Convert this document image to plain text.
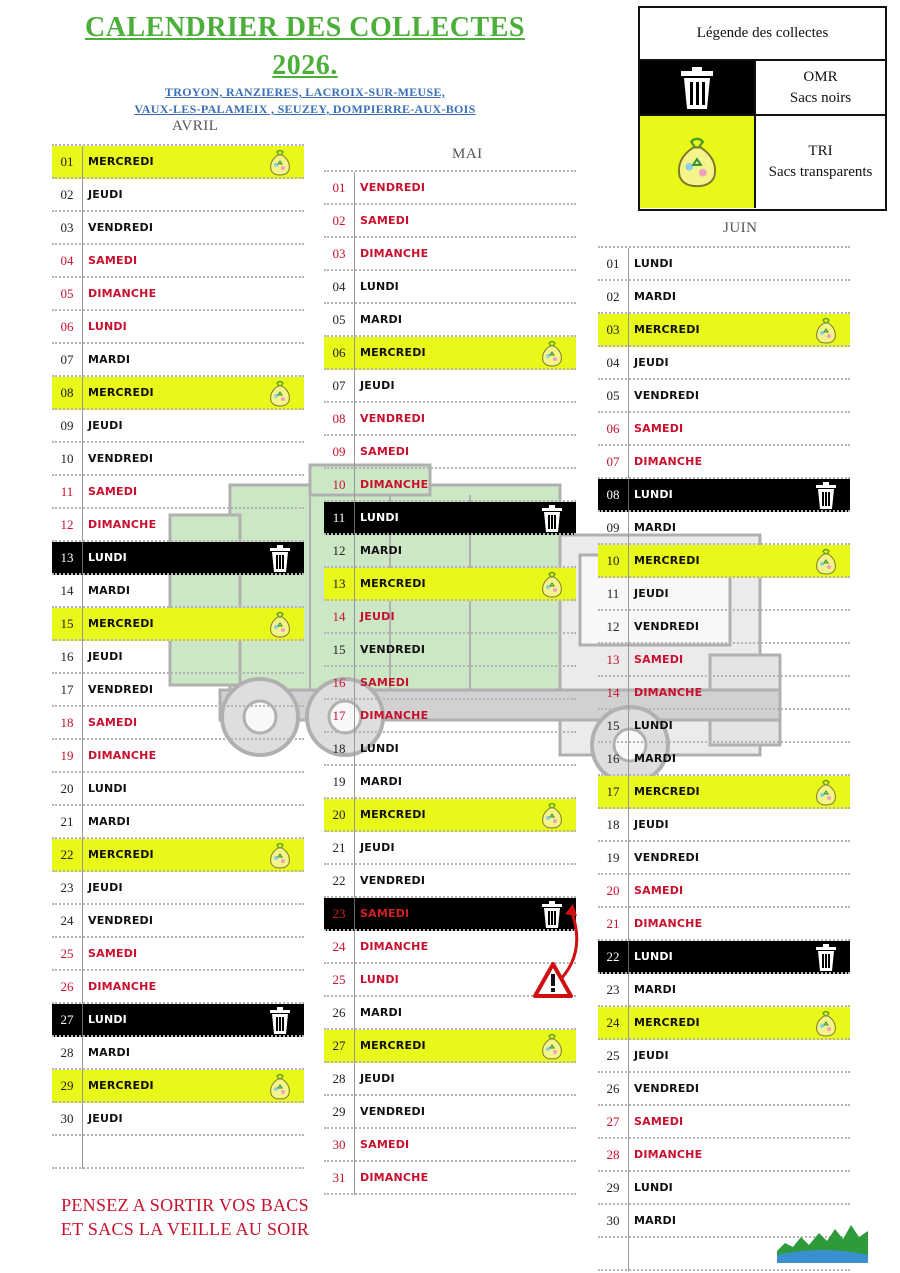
CALENDRIER DES COLLECTES
2026.
TROYON, RANZIERES, LACROIX-SUR-MEUSE,
VAUX-LES-PALAMEIX , SEUZEY, DOMPIERRE-AUX-BOIS
AVRIL
MAI
JUIN
Légende des collectes
OMR
Sacs noirs
TRI
Sacs transparents
01	MERCREDI
02	JEUDI
03	VENDREDI
04	SAMEDI
05	DIMANCHE
06	LUNDI
07	MARDI
08	MERCREDI
09	JEUDI
10	VENDREDI
11	SAMEDI
12	DIMANCHE
13	LUNDI
14	MARDI
15	MERCREDI
16	JEUDI
17	VENDREDI
18	SAMEDI
19	DIMANCHE
20	LUNDI
21	MARDI
22	MERCREDI
23	JEUDI
24	VENDREDI
25	SAMEDI
26	DIMANCHE
27	LUNDI
28	MARDI
29	MERCREDI
30	JEUDI
01	VENDREDI
02	SAMEDI
03	DIMANCHE
04	LUNDI
05	MARDI
06	MERCREDI
07	JEUDI
08	VENDREDI
09	SAMEDI
10	DIMANCHE
11	LUNDI
12	MARDI
13	MERCREDI
14	JEUDI
15	VENDREDI
16	SAMEDI
17	DIMANCHE
18	LUNDI
19	MARDI
20	MERCREDI
21	JEUDI
22	VENDREDI
23	SAMEDI
24	DIMANCHE
25	LUNDI
26	MARDI
27	MERCREDI
28	JEUDI
29	VENDREDI
30	SAMEDI
31	DIMANCHE
01	LUNDI
02	MARDI
03	MERCREDI
04	JEUDI
05	VENDREDI
06	SAMEDI
07	DIMANCHE
08	LUNDI
09	MARDI
10	MERCREDI
11	JEUDI
12	VENDREDI
13	SAMEDI
14	DIMANCHE
15	LUNDI
16	MARDI
17	MERCREDI
18	JEUDI
19	VENDREDI
20	SAMEDI
21	DIMANCHE
22	LUNDI
23	MARDI
24	MERCREDI
25	JEUDI
26	VENDREDI
27	SAMEDI
28	DIMANCHE
29	LUNDI
30	MARDI
PENSEZ A SORTIR VOS BACS
ET SACS LA VEILLE AU SOIR
